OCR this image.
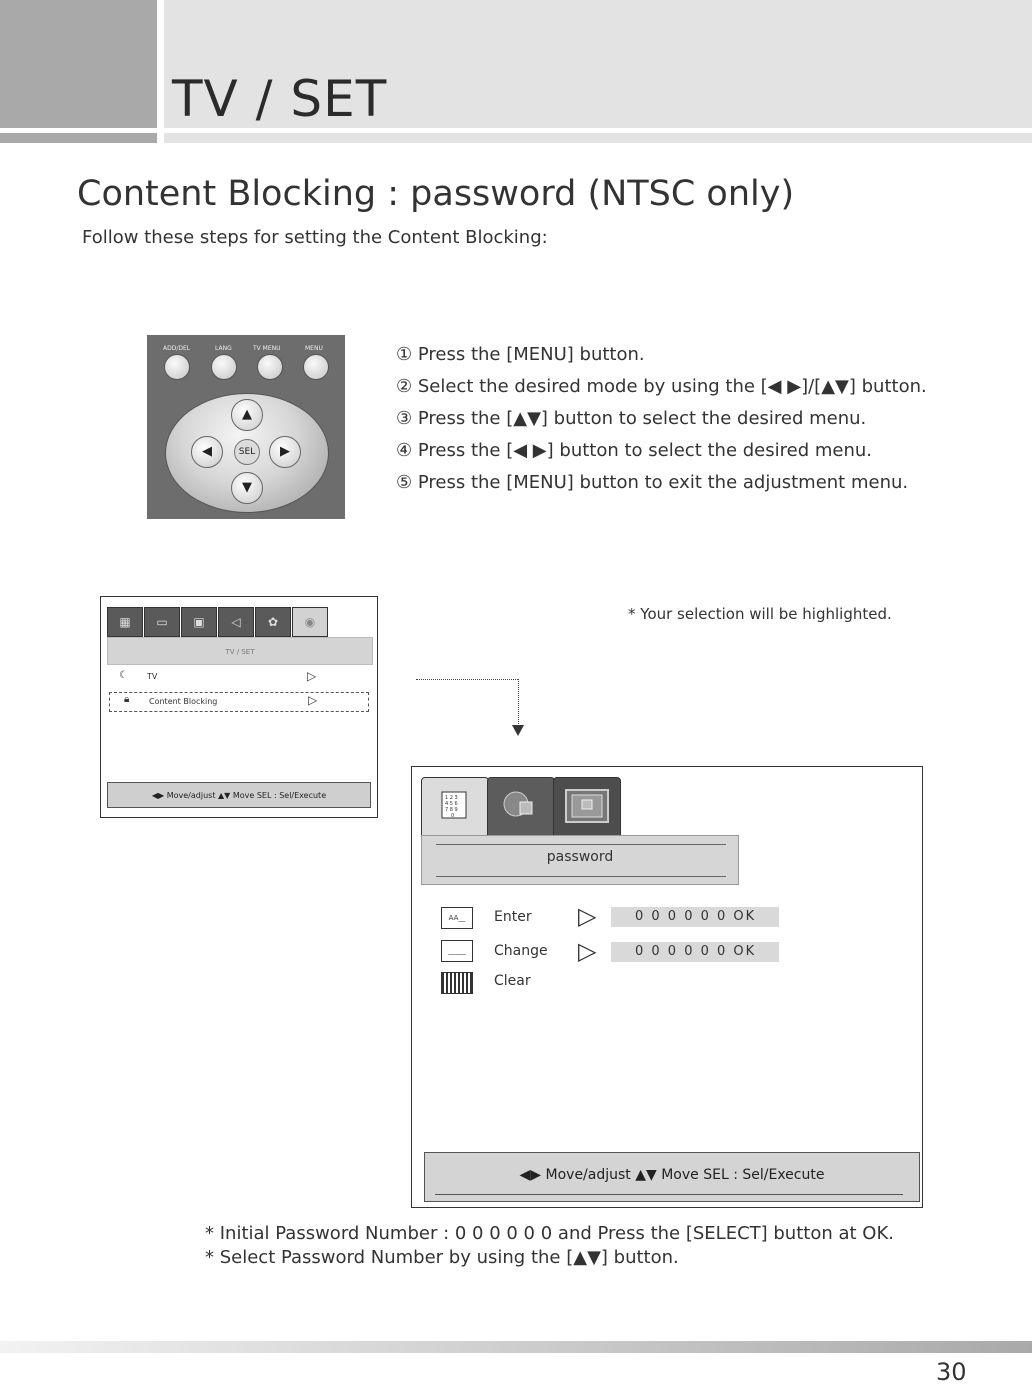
TV / SET
Content Blocking : password (NTSC only)
Follow these steps for setting the Content Blocking:
ADD/DEL	LANG	TV MENU	MENU
▲
▼
◀	▶
SEL
① Press the [MENU] button.
② Select the desired mode by using the [◀ ▶]/[▲▼] button.
③ Press the [▲▼] button to select the desired menu.
④ Press the [◀ ▶] button to select the desired menu.
⑤ Press the [MENU] button to exit the adjustment menu.
▦	▭	▣	◁	✿	◉
TV / SET
☾ TV	▷
🔒︎ Content Blocking	▷
◀▶ Move/adjust ▲▼ Move SEL : Sel/Execute
* Your selection will be highlighted.
1 2 3
4 5 6
7 8 9
0
password
AA__	Enter ▷	0 0 0 0 0 0 OK
_____	Change ▷	0 0 0 0 0 0 OK
Clear
◀▶ Move/adjust ▲▼ Move SEL : Sel/Execute
* Initial Password Number : 0 0 0 0 0 0 and Press the [SELECT] button at OK.
* Select Password Number by using the [▲▼] button.
30
